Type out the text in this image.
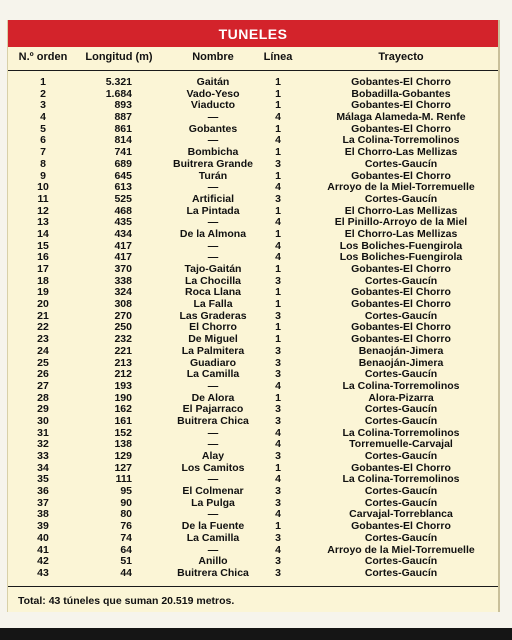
TUNELES
N.º orden	Longitud (m)	Nombre	Línea	Trayecto
1	5.321	Gaitán	1	Gobantes-El Chorro
2	1.684	Vado-Yeso	1	Bobadilla-Gobantes
3	893	Viaducto	1	Gobantes-El Chorro
4	887	—	4	Málaga Alameda-M. Renfe
5	861	Gobantes	1	Gobantes-El Chorro
6	814	—	4	La Colina-Torremolinos
7	741	Bombicha	1	El Chorro-Las Mellizas
8	689	Buitrera Grande	3	Cortes-Gaucín
9	645	Turán	1	Gobantes-El Chorro
10	613	—	4	Arroyo de la Miel-Torremuelle
11	525	Artificial	3	Cortes-Gaucín
12	468	La Pintada	1	El Chorro-Las Mellizas
13	435	—	4	El Pinillo-Arroyo de la Miel
14	434	De la Almona	1	El Chorro-Las Mellizas
15	417	—	4	Los Boliches-Fuengirola
16	417	—	4	Los Boliches-Fuengirola
17	370	Tajo-Gaitán	1	Gobantes-El Chorro
18	338	La Chocilla	3	Cortes-Gaucín
19	324	Roca Llana	1	Gobantes-El Chorro
20	308	La Falla	1	Gobantes-El Chorro
21	270	Las Graderas	3	Cortes-Gaucín
22	250	El Chorro	1	Gobantes-El Chorro
23	232	De Miguel	1	Gobantes-El Chorro
24	221	La Palmitera	3	Benaoján-Jimera
25	213	Guadiaro	3	Benaoján-Jimera
26	212	La Camilla	3	Cortes-Gaucín
27	193	—	4	La Colina-Torremolinos
28	190	De Alora	1	Alora-Pizarra
29	162	El Pajarraco	3	Cortes-Gaucín
30	161	Buitrera Chica	3	Cortes-Gaucín
31	152	—	4	La Colina-Torremolinos
32	138	—	4	Torremuelle-Carvajal
33	129	Alay	3	Cortes-Gaucín
34	127	Los Camitos	1	Gobantes-El Chorro
35	111	—	4	La Colina-Torremolinos
36	95	El Colmenar	3	Cortes-Gaucín
37	90	La Pulga	3	Cortes-Gaucín
38	80	—	4	Carvajal-Torreblanca
39	76	De la Fuente	1	Gobantes-El Chorro
40	74	La Camilla	3	Cortes-Gaucín
41	64	—	4	Arroyo de la Miel-Torremuelle
42	51	Anillo	3	Cortes-Gaucín
43	44	Buitrera Chica	3	Cortes-Gaucín
Total: 43 túneles que suman 20.519 metros.
